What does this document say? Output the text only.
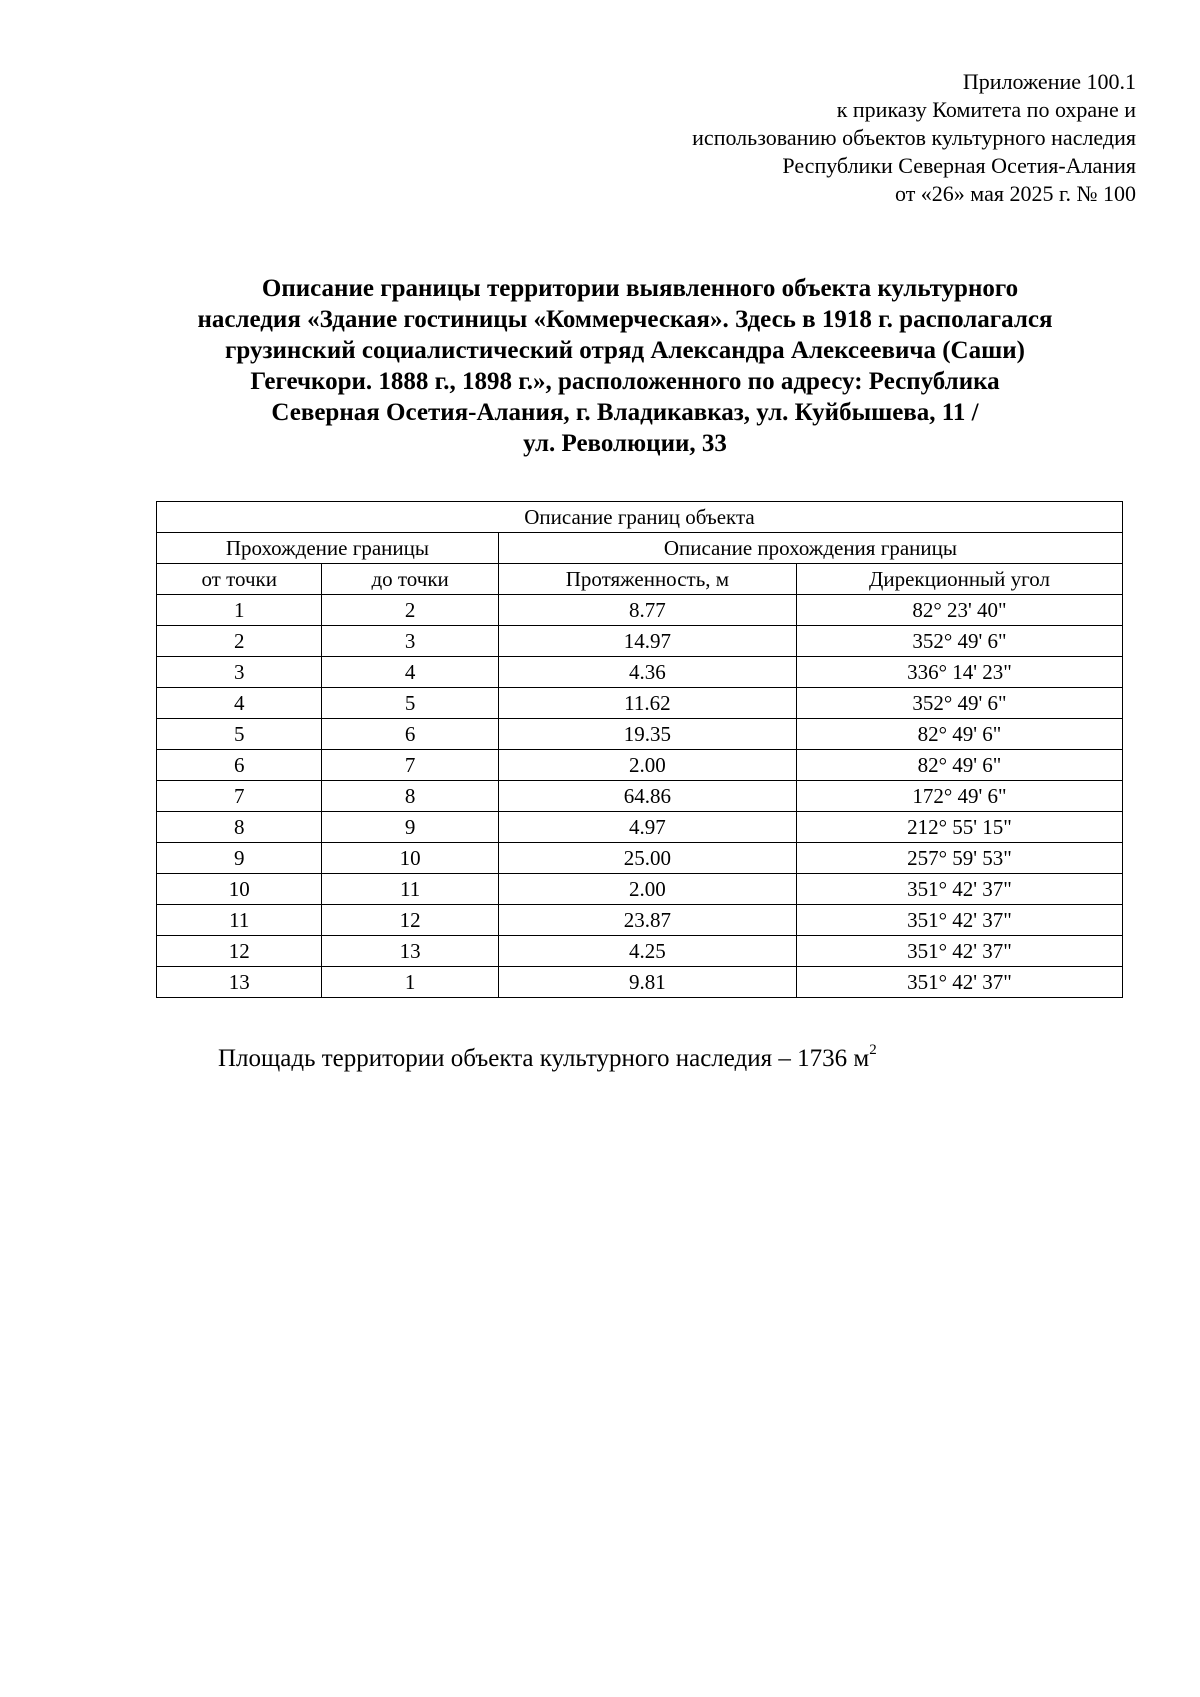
Приложение 100.1
к приказу Комитета по охране и
использованию объектов культурного наследия
Республики Северная Осетия-Алания
от «26» мая 2025 г. № 100
Описание границы территории выявленного объекта культурного
наследия «Здание гостиницы «Коммерческая». Здесь в 1918 г. располагался
грузинский социалистический отряд Александра Алексеевича (Саши)
Гегечкори. 1888 г., 1898 г.», расположенного по адресу: Республика
Северная Осетия-Алания, г. Владикавказ, ул. Куйбышева, 11 /
ул. Революции, 33
Описание границ объекта			
Прохождение границы		Описание прохождения границы	
от точки	до точки	Протяженность, м	Дирекционный угол
1	2	8.77	82° 23' 40"
2	3	14.97	352° 49' 6"
3	4	4.36	336° 14' 23"
4	5	11.62	352° 49' 6"
5	6	19.35	82° 49' 6"
6	7	2.00	82° 49' 6"
7	8	64.86	172° 49' 6"
8	9	4.97	212° 55' 15"
9	10	25.00	257° 59' 53"
10	11	2.00	351° 42' 37"
11	12	23.87	351° 42' 37"
12	13	4.25	351° 42' 37"
13	1	9.81	351° 42' 37"
Площадь территории объекта культурного наследия – 1736 $м^2$
